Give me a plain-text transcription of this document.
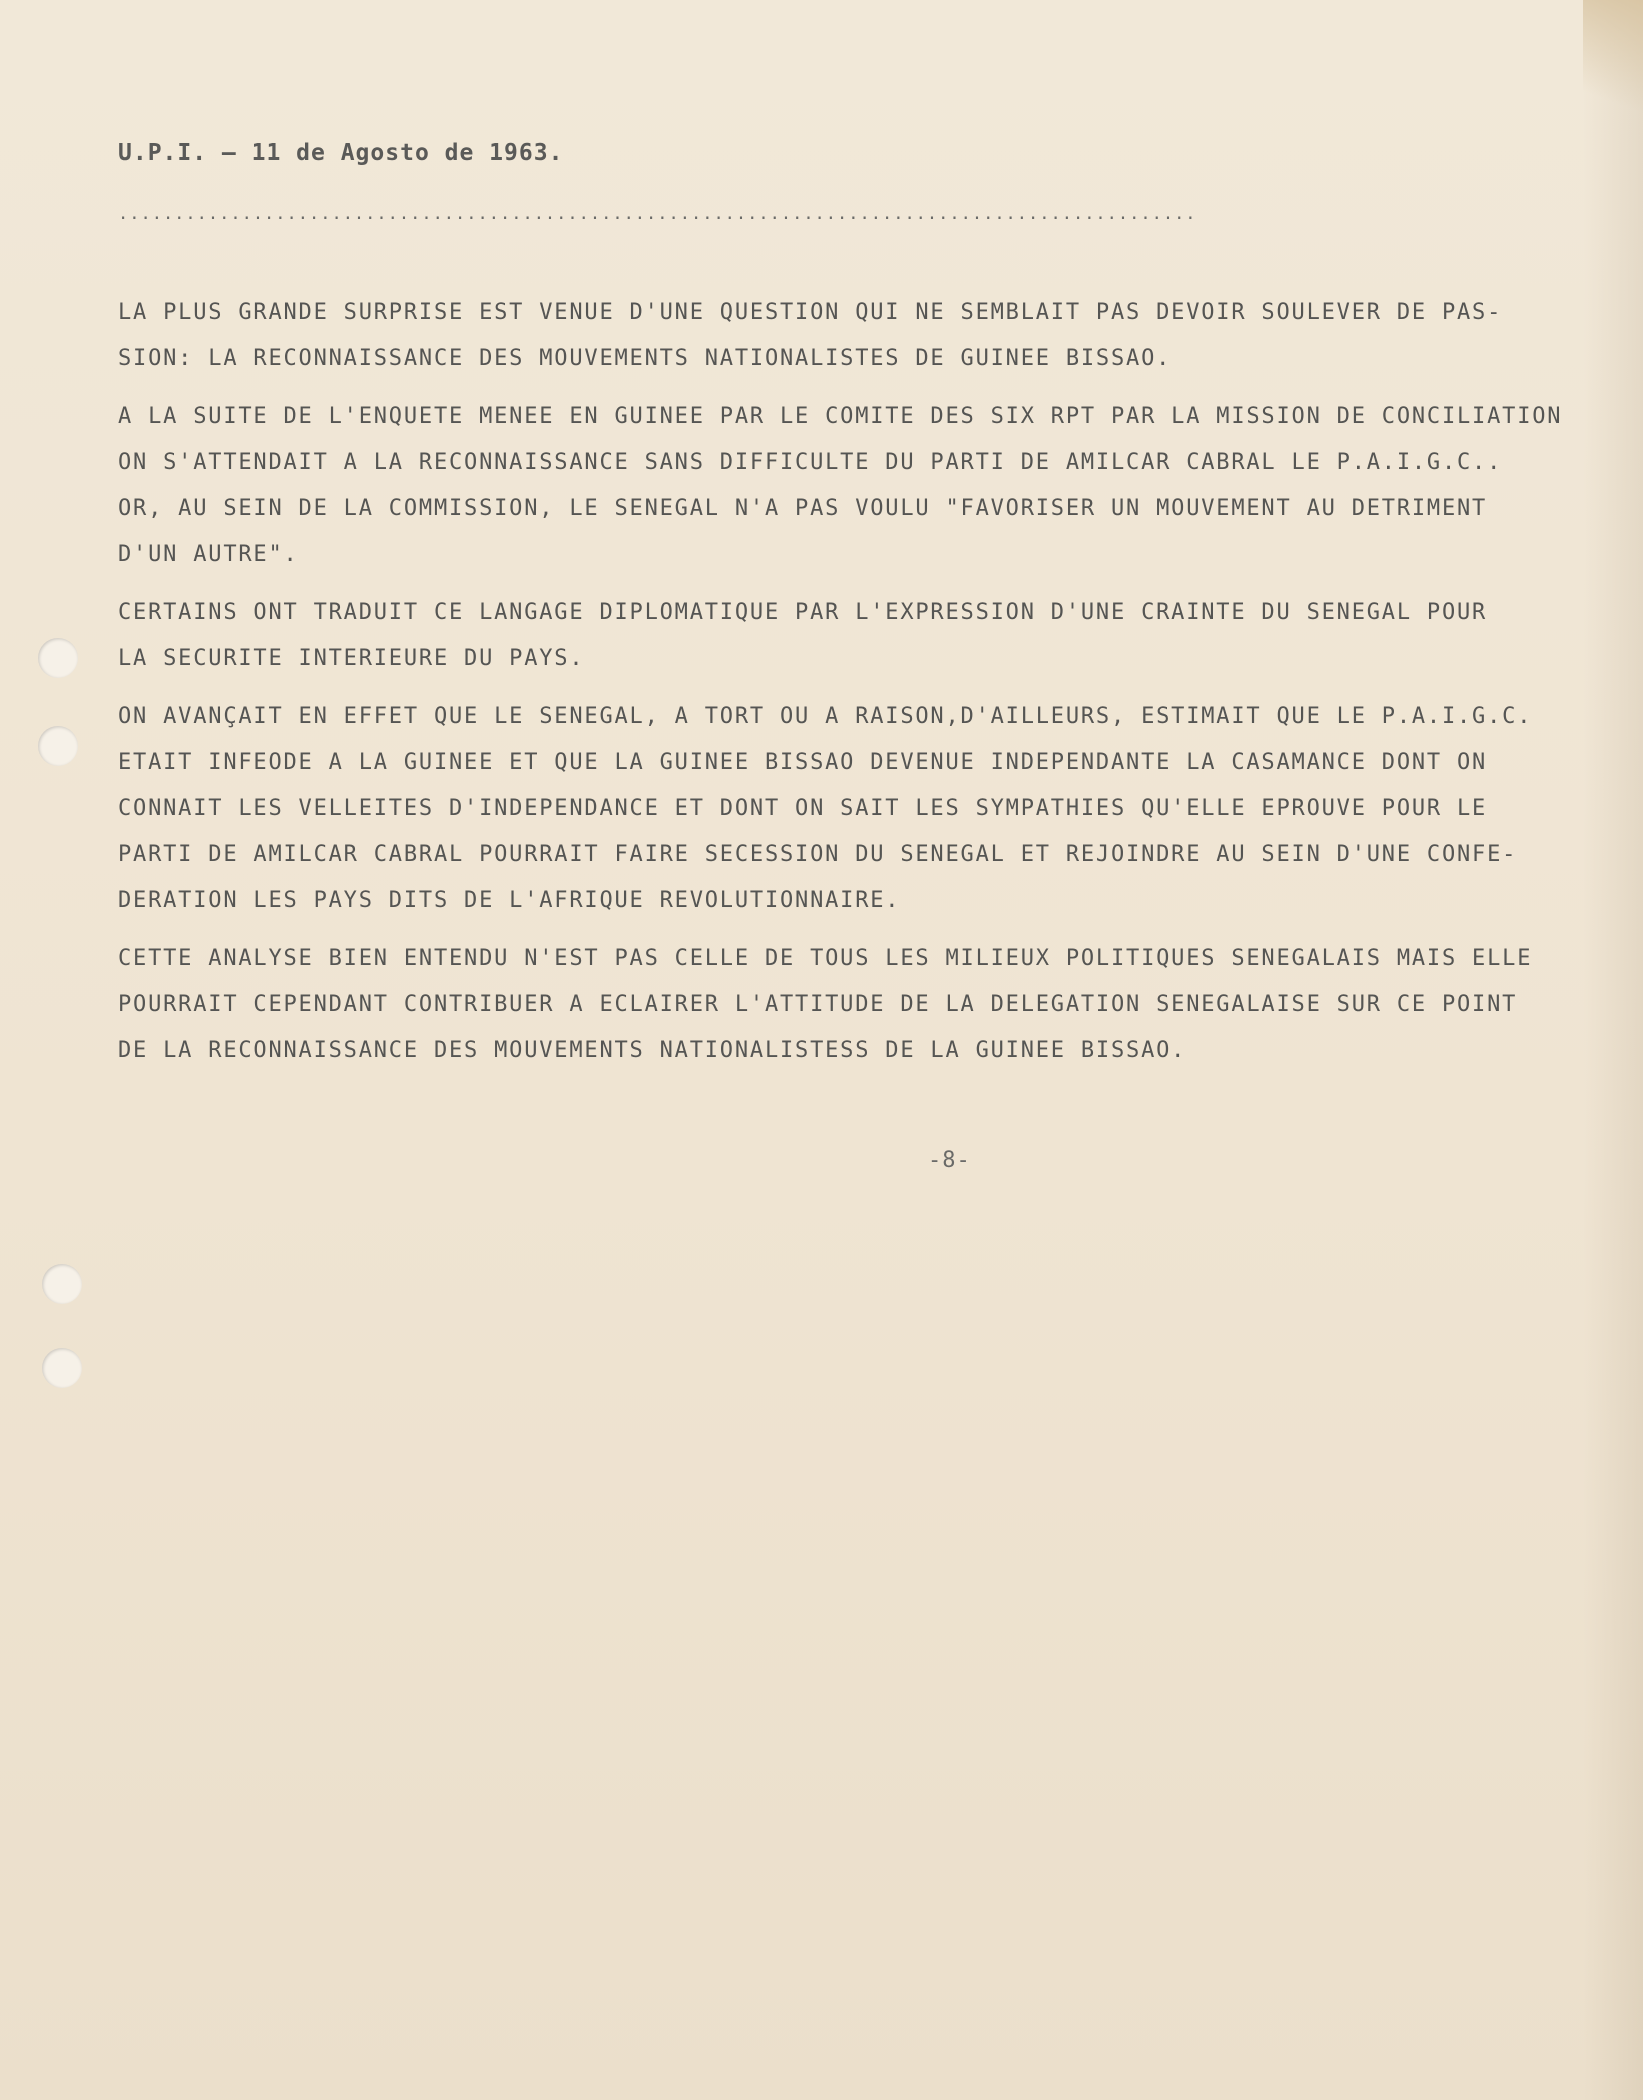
U.P.I. – 11 de Agosto de 1963.
................................................................................................

LA PLUS GRANDE SURPRISE EST VENUE D'UNE QUESTION QUI NE SEMBLAIT PAS DEVOIR SOULEVER DE PAS-
SION: LA RECONNAISSANCE DES MOUVEMENTS NATIONALISTES DE GUINEE BISSAO.

A LA SUITE DE L'ENQUETE MENEE EN GUINEE PAR LE COMITE DES SIX RPT PAR LA MISSION DE CONCILIATION
ON S'ATTENDAIT A LA RECONNAISSANCE SANS DIFFICULTE DU PARTI DE AMILCAR CABRAL LE P.A.I.G.C..
OR, AU SEIN DE LA COMMISSION, LE SENEGAL N'A PAS VOULU "FAVORISER UN MOUVEMENT AU DETRIMENT
D'UN AUTRE".

CERTAINS ONT TRADUIT CE LANGAGE DIPLOMATIQUE PAR L'EXPRESSION D'UNE CRAINTE DU SENEGAL POUR
LA SECURITE INTERIEURE DU PAYS.

ON AVANÇAIT EN EFFET QUE LE SENEGAL, A TORT OU A RAISON,D'AILLEURS, ESTIMAIT QUE LE P.A.I.G.C.
ETAIT INFEODE A LA GUINEE ET QUE LA GUINEE BISSAO DEVENUE INDEPENDANTE LA CASAMANCE DONT ON
CONNAIT LES VELLEITES D'INDEPENDANCE ET DONT ON SAIT LES SYMPATHIES QU'ELLE EPROUVE POUR LE
PARTI DE AMILCAR CABRAL POURRAIT FAIRE SECESSION DU SENEGAL ET REJOINDRE AU SEIN D'UNE CONFE-
DERATION LES PAYS DITS DE L'AFRIQUE REVOLUTIONNAIRE.

CETTE ANALYSE BIEN ENTENDU N'EST PAS CELLE DE TOUS LES MILIEUX POLITIQUES SENEGALAIS MAIS ELLE
POURRAIT CEPENDANT CONTRIBUER A ECLAIRER L'ATTITUDE DE LA DELEGATION SENEGALAISE SUR CE POINT
DE LA RECONNAISSANCE DES MOUVEMENTS NATIONALISTESS DE LA GUINEE BISSAO.

-8-
